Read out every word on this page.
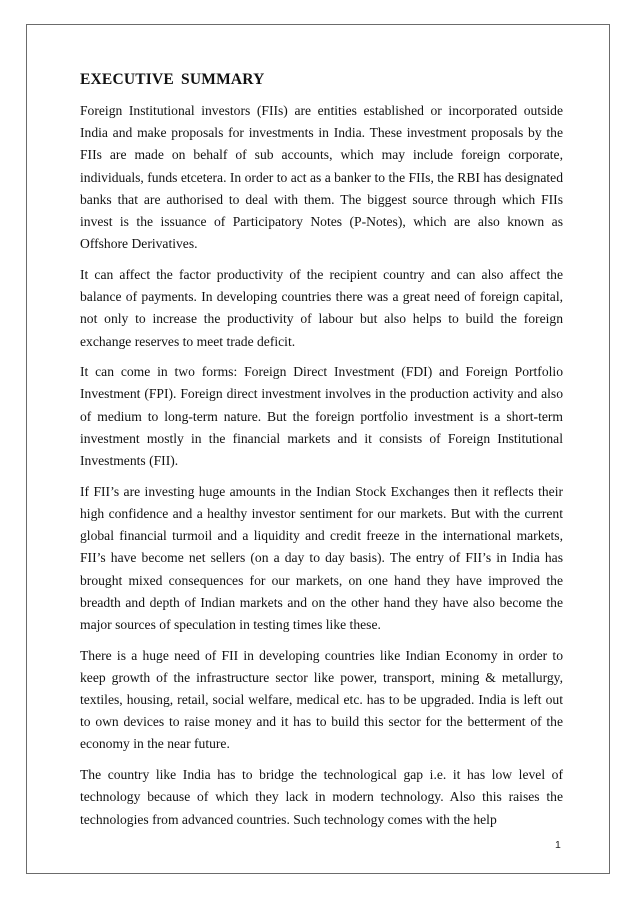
EXECUTIVE SUMMARY

Foreign Institutional investors (FIIs) are entities established or incorporated outside India and make proposals for investments in India. These investment proposals by the FIIs are made on behalf of sub accounts, which may include foreign corporate, individuals, funds etcetera. In order to act as a banker to the FIIs, the RBI has designated banks that are authorised to deal with them. The biggest source through which FIIs invest is the issuance of Participatory Notes (P-Notes), which are also known as Offshore Derivatives.

It can affect the factor productivity of the recipient country and can also affect the balance of payments. In developing countries there was a great need of foreign capital, not only to increase the productivity of labour but also helps to build the foreign exchange reserves to meet trade deficit.

It can come in two forms: Foreign Direct Investment (FDI) and Foreign Portfolio Investment (FPI). Foreign direct investment involves in the production activity and also of medium to long-term nature. But the foreign portfolio investment is a short-term investment mostly in the financial markets and it consists of Foreign Institutional Investments (FII).

If FII’s are investing huge amounts in the Indian Stock Exchanges then it reflects their high confidence and a healthy investor sentiment for our markets. But with the current global financial turmoil and a liquidity and credit freeze in the international markets, FII’s have become net sellers (on a day to day basis). The entry of FII’s in India has brought mixed consequences for our markets, on one hand they have improved the breadth and depth of Indian markets and on the other hand they have also become the major sources of speculation in testing times like these.

There is a huge need of FII in developing countries like Indian Economy in order to keep growth of the infrastructure sector like power, transport, mining & metallurgy, textiles, housing, retail, social welfare, medical etc. has to be upgraded. India is left out to own devices to raise money and it has to build this sector for the betterment of the economy in the near future.

The country like India has to bridge the technological gap i.e. it has low level of technology because of which they lack in modern technology. Also this raises the technologies from advanced countries. Such technology comes with the help

1
